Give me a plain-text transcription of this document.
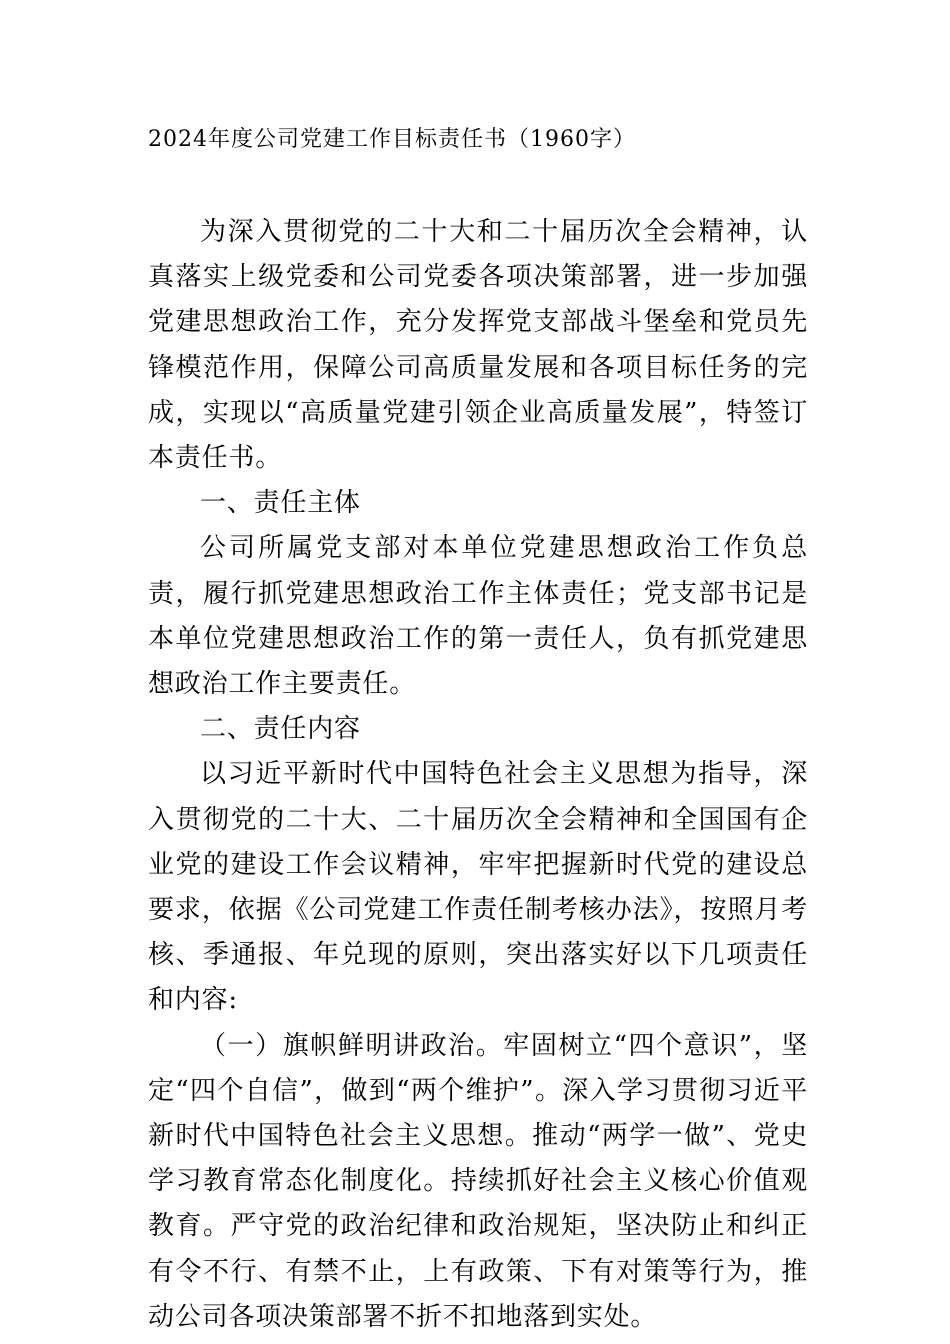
2024年度公司党建工作目标责任书（1960字）

为深入贯彻党的二十大和二十届历次全会精神，认真落实上级党委和公司党委各项决策部署，进一步加强党建思想政治工作，充分发挥党支部战斗堡垒和党员先锋模范作用，保障公司高质量发展和各项目标任务的完成，实现以“高质量党建引领企业高质量发展”，特签订本责任书。

一、责任主体

公司所属党支部对本单位党建思想政治工作负总责，履行抓党建思想政治工作主体责任；党支部书记是本单位党建思想政治工作的第一责任人，负有抓党建思想政治工作主要责任。

二、责任内容

以习近平新时代中国特色社会主义思想为指导，深入贯彻党的二十大、二十届历次全会精神和全国国有企业党的建设工作会议精神，牢牢把握新时代党的建设总要求，依据《公司党建工作责任制考核办法》，按照月考核、季通报、年兑现的原则，突出落实好以下几项责任和内容:

（一）旗帜鲜明讲政治。牢固树立“四个意识”，坚定“四个自信”，做到“两个维护”。深入学习贯彻习近平新时代中国特色社会主义思想。推动“两学一做”、党史学习教育常态化制度化。持续抓好社会主义核心价值观教育。严守党的政治纪律和政治规矩，坚决防止和纠正有令不行、有禁不止，上有政策、下有对策等行为，推动公司各项决策部署不折不扣地落到实处。
